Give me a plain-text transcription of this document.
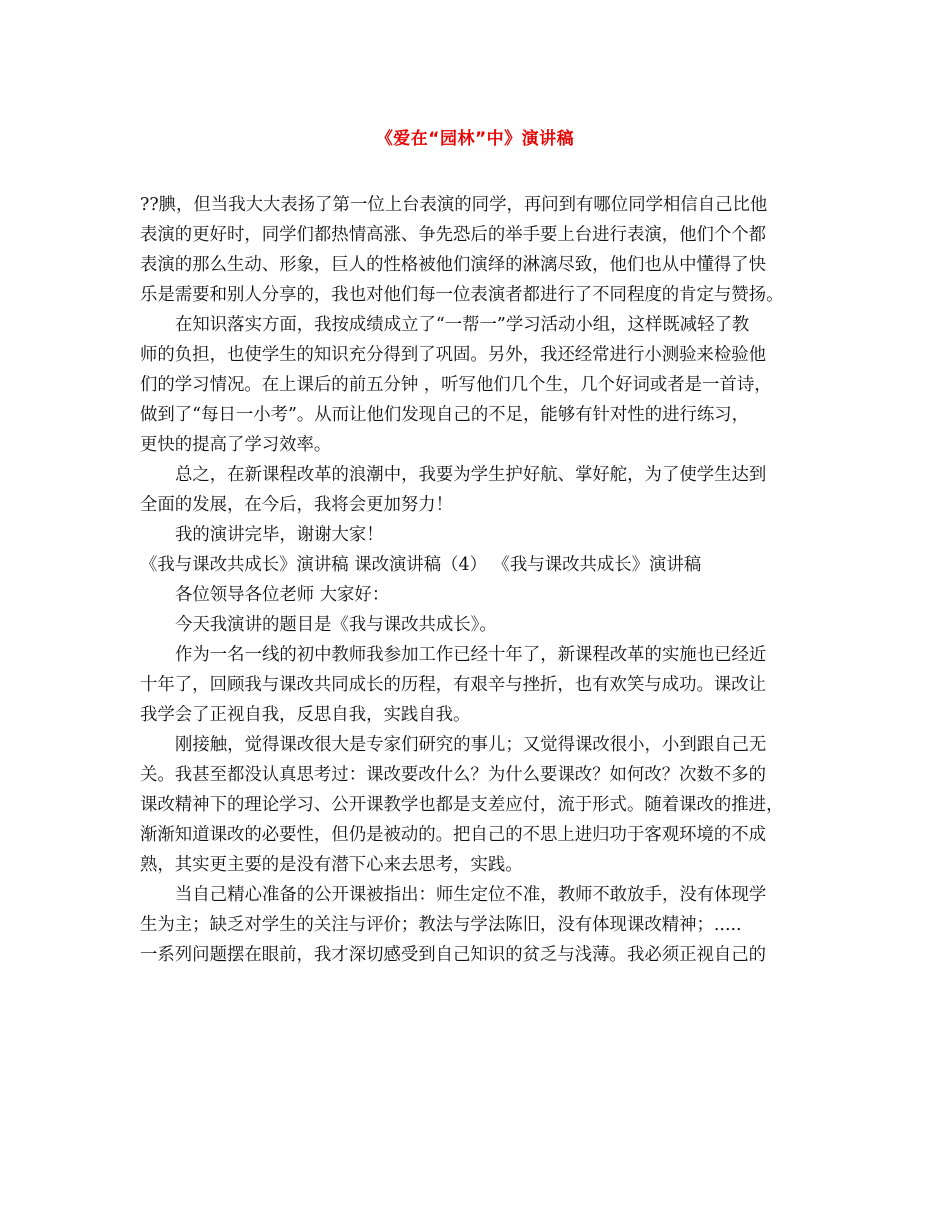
《爱在“园林”中》演讲稿
??腆，但当我大大表扬了第一位上台表演的同学，再问到有哪位同学相信自己比他
表演的更好时，同学们都热情高涨、争先恐后的举手要上台进行表演，他们个个都
表演的那么生动、形象，巨人的性格被他们演绎的淋漓尽致，他们也从中懂得了快
乐是需要和别人分享的，我也对他们每一位表演者都进行了不同程度的肯定与赞扬。
在知识落实方面，我按成绩成立了“一帮一”学习活动小组，这样既减轻了教
师的负担，也使学生的知识充分得到了巩固。另外，我还经常进行小测验来检验他
们的学习情况。在上课后的前五分钟 ，听写他们几个生，几个好词或者是一首诗，
做到了“每日一小考”。从而让他们发现自己的不足，能够有针对性的进行练习，
更快的提高了学习效率。
总之，在新课程改革的浪潮中，我要为学生护好航、掌好舵，为了使学生达到
全面的发展，在今后，我将会更加努力！
我的演讲完毕，谢谢大家！
《我与课改共成长》演讲稿 课改演讲稿（4） 《我与课改共成长》演讲稿
各位领导各位老师 大家好：
今天我演讲的题目是《我与课改共成长》。
作为一名一线的初中教师我参加工作已经十年了，新课程改革的实施也已经近
十年了，回顾我与课改共同成长的历程，有艰辛与挫折，也有欢笑与成功。课改让
我学会了正视自我，反思自我，实践自我。
刚接触，觉得课改很大是专家们研究的事儿；又觉得课改很小，小到跟自己无
关。我甚至都没认真思考过：课改要改什么？为什么要课改？如何改？次数不多的
课改精神下的理论学习、公开课教学也都是支差应付，流于形式。随着课改的推进，
渐渐知道课改的必要性，但仍是被动的。把自己的不思上进归功于客观环境的不成
熟，其实更主要的是没有潜下心来去思考，实践。
当自己精心准备的公开课被指出：师生定位不准，教师不敢放手，没有体现学
生为主；缺乏对学生的关注与评价；教法与学法陈旧，没有体现课改精神；.....
一系列问题摆在眼前，我才深切感受到自己知识的贫乏与浅薄。我必须正视自己的
